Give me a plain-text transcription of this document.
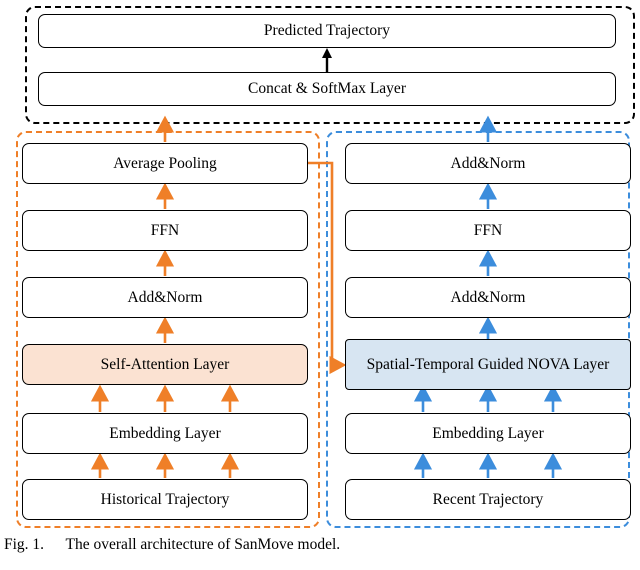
Predicted Trajectory
Concat & SoftMax Layer
Average Pooling
FFN
Add&Norm
Self-Attention Layer
Embedding Layer
Historical Trajectory
Add&Norm
FFN
Add&Norm
Spatial-Temporal Guided NOVA Layer
Embedding Layer
Recent Trajectory
Fig. 1. The overall architecture of SanMove model.
